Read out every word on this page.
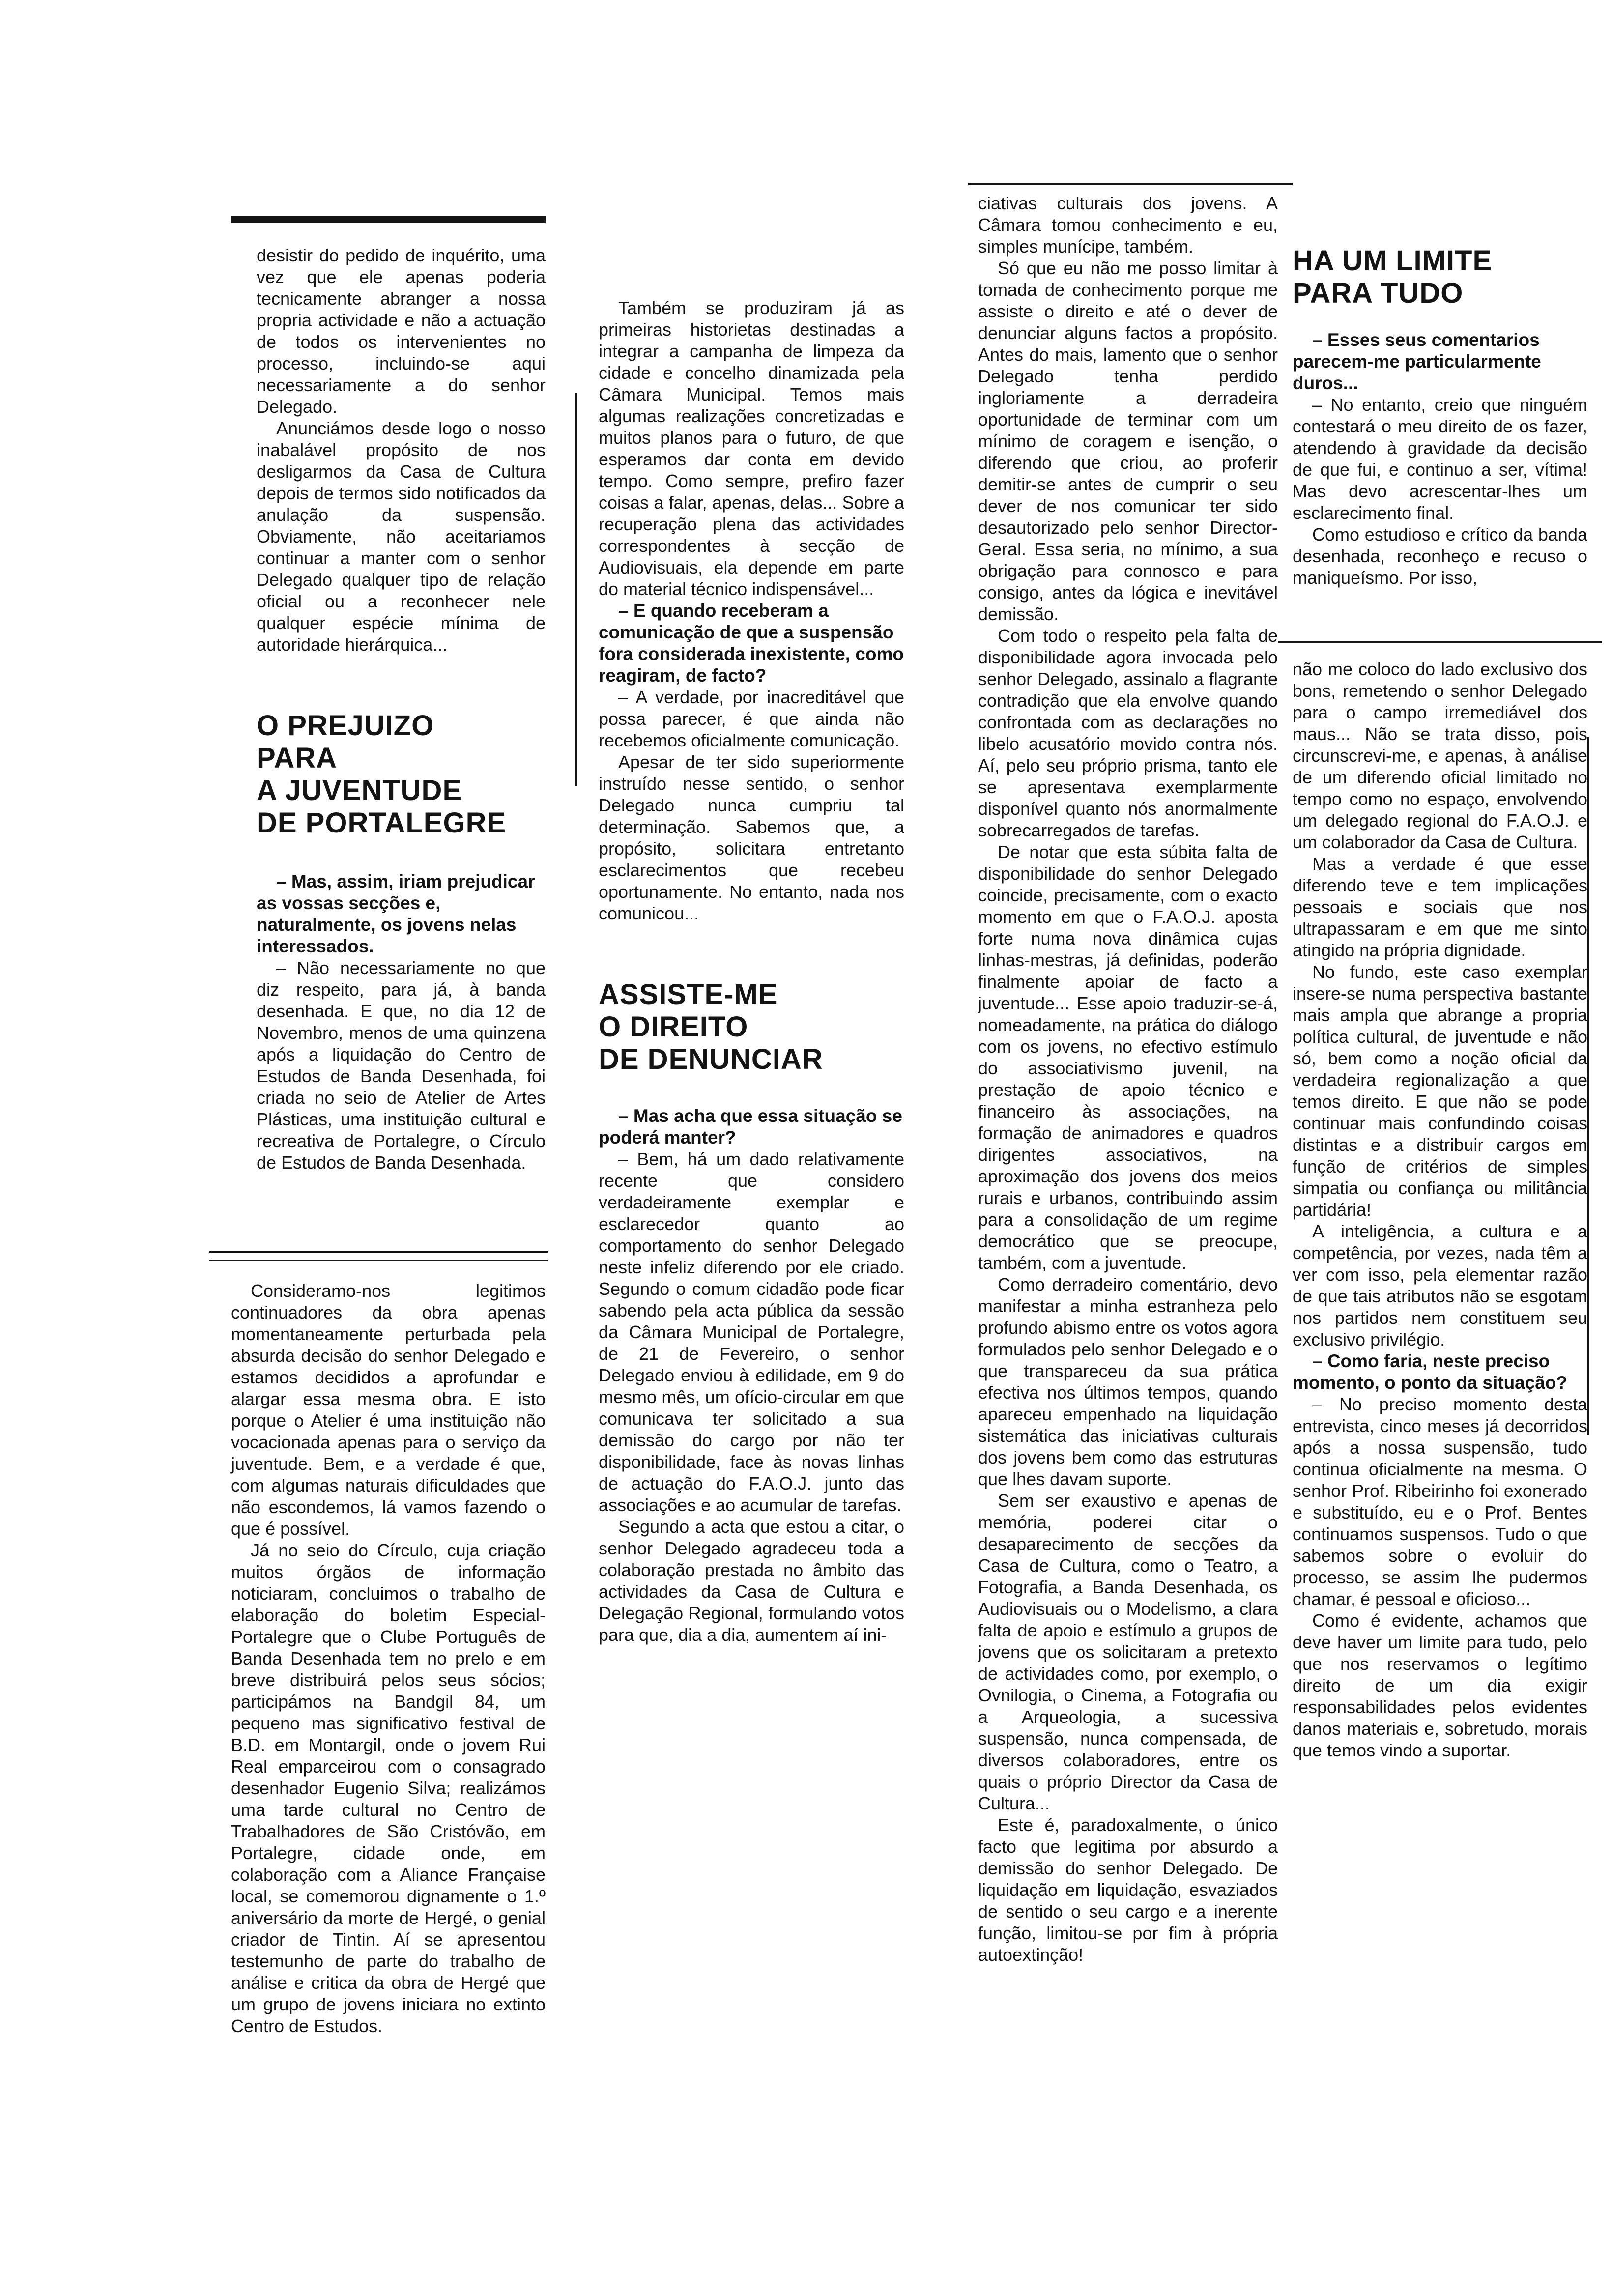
desistir do pedido de inquérito, uma vez que ele apenas poderia tecnicamente abranger a nossa propria actividade e não a actuação de todos os intervenientes no processo, incluindo-se aqui necessariamente a do senhor Delegado.

Anunciámos desde logo o nosso inabalável propósito de nos desligarmos da Casa de Cultura depois de termos sido notificados da anulação da suspensão. Obviamente, não aceitariamos continuar a manter com o senhor Delegado qualquer tipo de relação oficial ou a reconhecer nele qualquer espécie mínima de autoridade hierárquica...

O PREJUIZO

PARA

A JUVENTUDE

DE PORTALEGRE

– Mas, assim, iriam prejudicar as vossas secções e, naturalmente, os jovens nelas interessados.

– Não necessariamente no que diz respeito, para já, à banda desenhada. E que, no dia 12 de Novembro, menos de uma quinzena após a liquidação do Centro de Estudos de Banda Desenhada, foi criada no seio de Atelier de Artes Plásticas, uma instituição cultural e recreativa de Portalegre, o Círculo de Estudos de Banda Desenhada.

Consideramo-nos legitimos continuadores da obra apenas momentaneamente perturbada pela absurda decisão do senhor Delegado e estamos decididos a aprofundar e alargar essa mesma obra. E isto porque o Atelier é uma instituição não vocacionada apenas para o serviço da juventude. Bem, e a verdade é que, com algumas naturais dificuldades que não escondemos, lá vamos fazendo o que é possível.

Já no seio do Círculo, cuja criação muitos órgãos de informação noticiaram, concluimos o trabalho de elaboração do boletim Especial-Portalegre que o Clube Português de Banda Desenhada tem no prelo e em breve distribuirá pelos seus sócios; participámos na Bandgil 84, um pequeno mas significativo festival de B.D. em Montargil, onde o jovem Rui Real emparceirou com o consagrado desenhador Eugenio Silva; realizámos uma tarde cultural no Centro de Trabalhadores de São Cristóvão, em Portalegre, cidade onde, em colaboração com a Aliance Française local, se comemorou dignamente o 1.º aniversário da morte de Hergé, o genial criador de Tintin. Aí se apresentou testemunho de parte do trabalho de análise e critica da obra de Hergé que um grupo de jovens iniciara no extinto Centro de Estudos.

Também se produziram já as primeiras historietas destinadas a integrar a campanha de limpeza da cidade e concelho dinamizada pela Câmara Municipal. Temos mais algumas realizações concretizadas e muitos planos para o futuro, de que esperamos dar conta em devido tempo. Como sempre, prefiro fazer coisas a falar, apenas, delas... Sobre a recuperação plena das actividades correspondentes à secção de Audiovisuais, ela depende em parte do material técnico indispensável...

– E quando receberam a comunicação de que a suspensão fora considerada inexistente, como reagiram, de facto?

– A verdade, por inacreditável que possa parecer, é que ainda não recebemos oficialmente comunicação.

Apesar de ter sido superiormente instruído nesse sentido, o senhor Delegado nunca cumpriu tal determinação. Sabemos que, a propósito, solicitara entretanto esclarecimentos que recebeu oportunamente. No entanto, nada nos comunicou...

ASSISTE-ME

O DIREITO

DE DENUNCIAR

– Mas acha que essa situação se poderá manter?

– Bem, há um dado relativamente recente que considero verdadeiramente exemplar e esclarecedor quanto ao comportamento do senhor Delegado neste infeliz diferendo por ele criado. Segundo o comum cidadão pode ficar sabendo pela acta pública da sessão da Câmara Municipal de Portalegre, de 21 de Fevereiro, o senhor Delegado enviou à edilidade, em 9 do mesmo mês, um ofício-circular em que comunicava ter solicitado a sua demissão do cargo por não ter disponibilidade, face às novas linhas de actuação do F.A.O.J. junto das associações e ao acumular de tarefas.

Segundo a acta que estou a citar, o senhor Delegado agradeceu toda a colaboração prestada no âmbito das actividades da Casa de Cultura e Delegação Regional, formulando votos para que, dia a dia, aumentem aí ini-

ciativas culturais dos jovens. A Câmara tomou conhecimento e eu, simples munícipe, também.

Só que eu não me posso limitar à tomada de conhecimento porque me assiste o direito e até o dever de denunciar alguns factos a propósito. Antes do mais, lamento que o senhor Delegado tenha perdido ingloriamente a derradeira oportunidade de terminar com um mínimo de coragem e isenção, o diferendo que criou, ao proferir demitir-se antes de cumprir o seu dever de nos comunicar ter sido desautorizado pelo senhor Director-Geral. Essa seria, no mínimo, a sua obrigação para connosco e para consigo, antes da lógica e inevitável demissão.

Com todo o respeito pela falta de disponibilidade agora invocada pelo senhor Delegado, assinalo a flagrante contradição que ela envolve quando confrontada com as declarações no libelo acusatório movido contra nós. Aí, pelo seu próprio prisma, tanto ele se apresentava exemplarmente disponível quanto nós anormalmente sobrecarregados de tarefas.

De notar que esta súbita falta de disponibilidade do senhor Delegado coincide, precisamente, com o exacto momento em que o F.A.O.J. aposta forte numa nova dinâmica cujas linhas-mestras, já definidas, poderão finalmente apoiar de facto a juventude... Esse apoio traduzir-se-á, nomeadamente, na prática do diálogo com os jovens, no efectivo estímulo do associativismo juvenil, na prestação de apoio técnico e financeiro às associações, na formação de animadores e quadros dirigentes associativos, na aproximação dos jovens dos meios rurais e urbanos, contribuindo assim para a consolidação de um regime democrático que se preocupe, também, com a juventude.

Como derradeiro comentário, devo manifestar a minha estranheza pelo profundo abismo entre os votos agora formulados pelo senhor Delegado e o que transpareceu da sua prática efectiva nos últimos tempos, quando apareceu empenhado na liquidação sistemática das iniciativas culturais dos jovens bem como das estruturas que lhes davam suporte.

Sem ser exaustivo e apenas de memória, poderei citar o desaparecimento de secções da Casa de Cultura, como o Teatro, a Fotografia, a Banda Desenhada, os Audiovisuais ou o Modelismo, a clara falta de apoio e estímulo a grupos de jovens que os solicitaram a pretexto de actividades como, por exemplo, o Ovnilogia, o Cinema, a Fotografia ou a Arqueologia, a sucessiva suspensão, nunca compensada, de diversos colaboradores, entre os quais o próprio Director da Casa de Cultura...

Este é, paradoxalmente, o único facto que legitima por absurdo a demissão do senhor Delegado. De liquidação em liquidação, esvaziados de sentido o seu cargo e a inerente função, limitou-se por fim à própria autoextinção!

HA UM LIMITE

PARA TUDO

– Esses seus comentarios parecem-me particularmente duros...

– No entanto, creio que ninguém contestará o meu direito de os fazer, atendendo à gravidade da decisão de que fui, e continuo a ser, vítima! Mas devo acrescentar-lhes um esclarecimento final.

Como estudioso e crítico da banda desenhada, reconheço e recuso o maniqueísmo. Por isso,

não me coloco do lado exclusivo dos bons, remetendo o senhor Delegado para o campo irremediável dos maus... Não se trata disso, pois circunscrevi-me, e apenas, à análise de um diferendo oficial limitado no tempo como no espaço, envolvendo um delegado regional do F.A.O.J. e um colaborador da Casa de Cultura.

Mas a verdade é que esse diferendo teve e tem implicações pessoais e sociais que nos ultrapassaram e em que me sinto atingido na própria dignidade.

No fundo, este caso exemplar insere-se numa perspectiva bastante mais ampla que abrange a propria política cultural, de juventude e não só, bem como a noção oficial da verdadeira regionalização a que temos direito. E que não se pode continuar mais confundindo coisas distintas e a distribuir cargos em função de critérios de simples simpatia ou confiança ou militância partidária!

A inteligência, a cultura e a competência, por vezes, nada têm a ver com isso, pela elementar razão de que tais atributos não se esgotam nos partidos nem constituem seu exclusivo privilégio.

– Como faria, neste preciso momento, o ponto da situação?

– No preciso momento desta entrevista, cinco meses já decorridos após a nossa suspensão, tudo continua oficialmente na mesma. O senhor Prof. Ribeirinho foi exonerado e substituído, eu e o Prof. Bentes continuamos suspensos. Tudo o que sabemos sobre o evoluir do processo, se assim lhe pudermos chamar, é pessoal e oficioso...

Como é evidente, achamos que deve haver um limite para tudo, pelo que nos reservamos o legítimo direito de um dia exigir responsabilidades pelos evidentes danos materiais e, sobretudo, morais que temos vindo a suportar.
